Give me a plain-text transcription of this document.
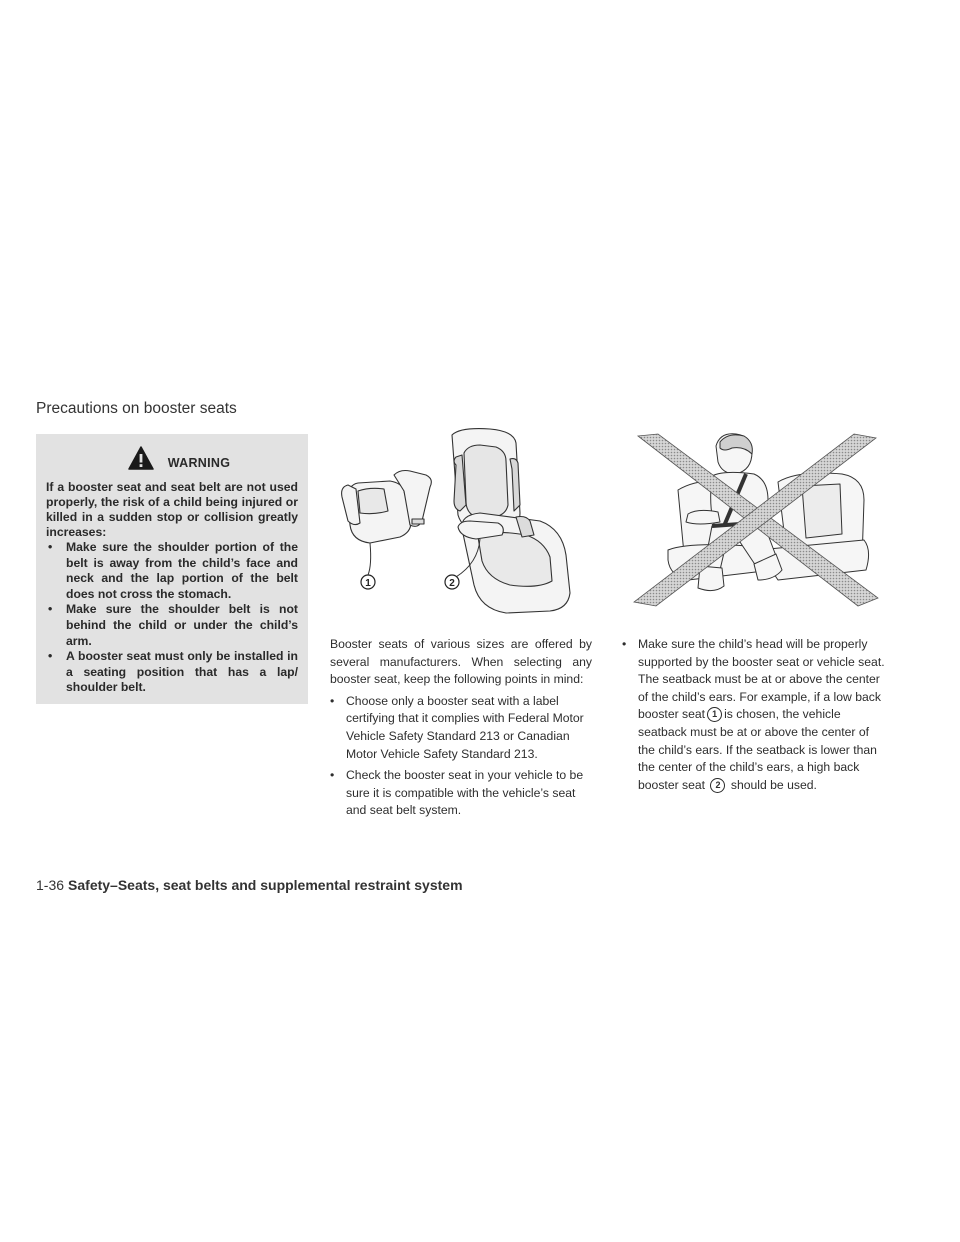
Precautions on booster seats
WARNING

If a booster seat and seat belt are not used properly, the risk of a child being injured or killed in a sudden stop or collision greatly increases:

• Make sure the shoulder portion of the belt is away from the child’s face and neck and the lap portion of the belt does not cross the stomach.
• Make sure the shoulder belt is not behind the child or under the child’s arm.
• A booster seat must only be installed in a seating position that has a lap/ shoulder belt.
1	2

Booster seats of various sizes are offered by several manufacturers. When selecting any booster seat, keep the following points in mind:

• Choose only a booster seat with a label certifying that it complies with Federal Motor Vehicle Safety Standard 213 or Canadian Motor Vehicle Safety Standard 213.
• Check the booster seat in your vehicle to be sure it is compatible with the vehicle’s seat and seat belt system.
• Make sure the child’s head will be properly supported by the booster seat or vehicle seat. The seatback must be at or above the center of the child’s ears. For example, if a low back booster seat 1 is chosen, the vehicle seatback must be at or above the center of the child’s ears. If the seatback is lower than the center of the child’s ears, a high back booster seat 2 should be used.
1-36 Safety–Seats, seat belts and supplemental restraint system
